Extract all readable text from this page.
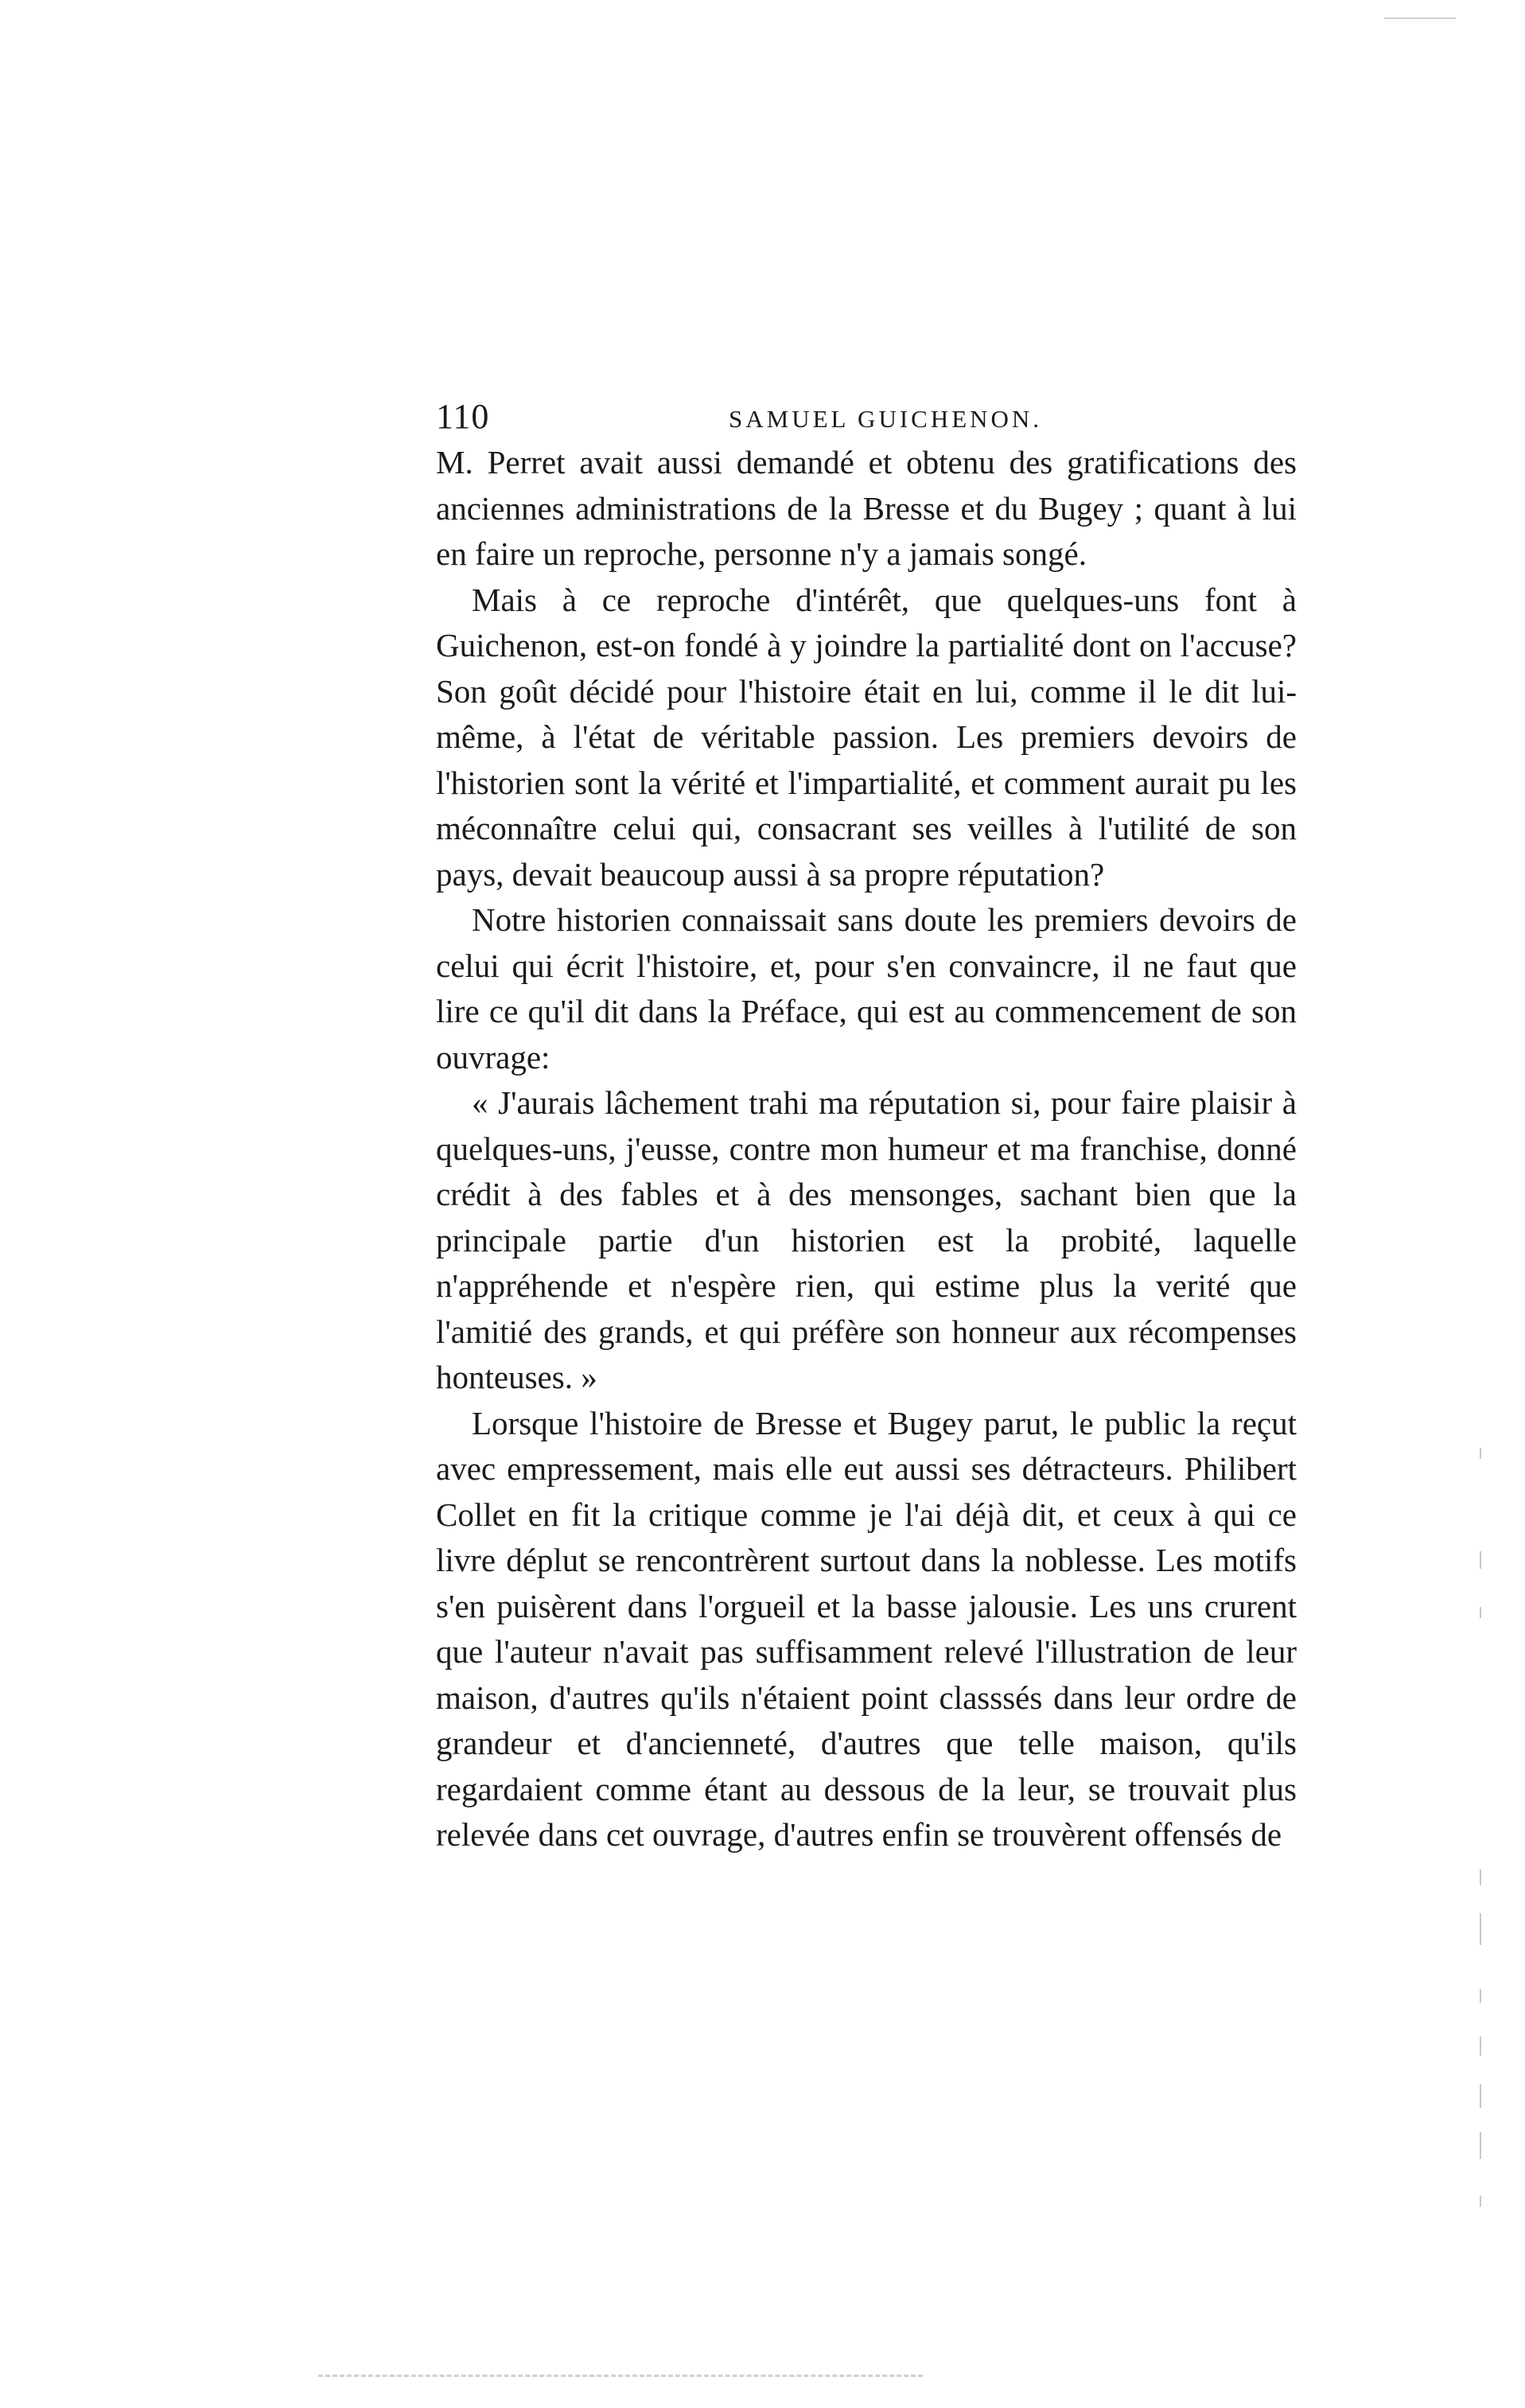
110	SAMUEL GUICHENON.

M. Perret avait aussi demandé et obtenu des gratifications des anciennes administrations de la Bresse et du Bugey ; quant à lui en faire un reproche, personne n'y a jamais songé.

Mais à ce reproche d'intérêt, que quelques-uns font à Guichenon, est-on fondé à y joindre la partialité dont on l'accuse? Son goût décidé pour l'histoire était en lui, comme il le dit lui-même, à l'état de véritable passion. Les premiers devoirs de l'historien sont la vérité et l'impartialité, et comment aurait pu les méconnaître celui qui, consacrant ses veilles à l'utilité de son pays, devait beaucoup aussi à sa propre réputation?

Notre historien connaissait sans doute les premiers devoirs de celui qui écrit l'histoire, et, pour s'en convaincre, il ne faut que lire ce qu'il dit dans la Préface, qui est au commencement de son ouvrage:

« J'aurais lâchement trahi ma réputation si, pour faire plaisir à quelques-uns, j'eusse, contre mon humeur et ma franchise, donné crédit à des fables et à des mensonges, sachant bien que la principale partie d'un historien est la probité, laquelle n'appréhende et n'espère rien, qui estime plus la verité que l'amitié des grands, et qui préfère son honneur aux récompenses honteuses. »

Lorsque l'histoire de Bresse et Bugey parut, le public la reçut avec empressement, mais elle eut aussi ses détracteurs. Philibert Collet en fit la critique comme je l'ai déjà dit, et ceux à qui ce livre déplut se rencontrèrent surtout dans la noblesse. Les motifs s'en puisèrent dans l'orgueil et la basse jalousie. Les uns crurent que l'auteur n'avait pas suffisamment relevé l'illustration de leur maison, d'autres qu'ils n'étaient point classsés dans leur ordre de grandeur et d'ancienneté, d'autres que telle maison, qu'ils regardaient comme étant au dessous de la leur, se trouvait plus relevée dans cet ouvrage, d'autres enfin se trouvèrent offensés de
